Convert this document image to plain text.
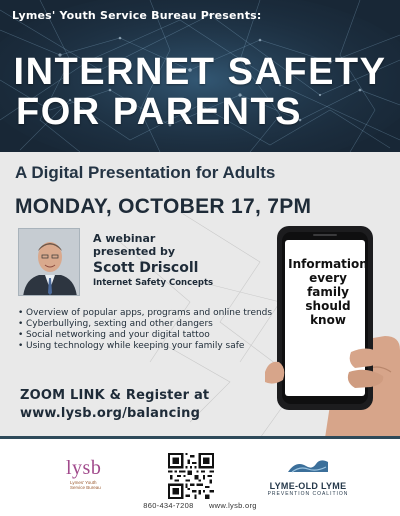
Lymes' Youth Service Bureau Presents:
INTERNET SAFETY
FOR PARENTS
A Digital Presentation for Adults
MONDAY, OCTOBER 17, 7PM
A webinar
presented by
Scott Driscoll
Internet Safety Concepts
• Overview of popular apps, programs and online trends
• Cyberbullying, sexting and other dangers
• Social networking and your digital tattoo
• Using technology while keeping your family safe
ZOOM LINK & Register at
www.lysb.org/balancing
Information
every
family
should
know
lysb
Lymes' Youth
Service Bureau	LYME-OLD LYME
PREVENTION COALITION
860-434-7208 www.lysb.org
